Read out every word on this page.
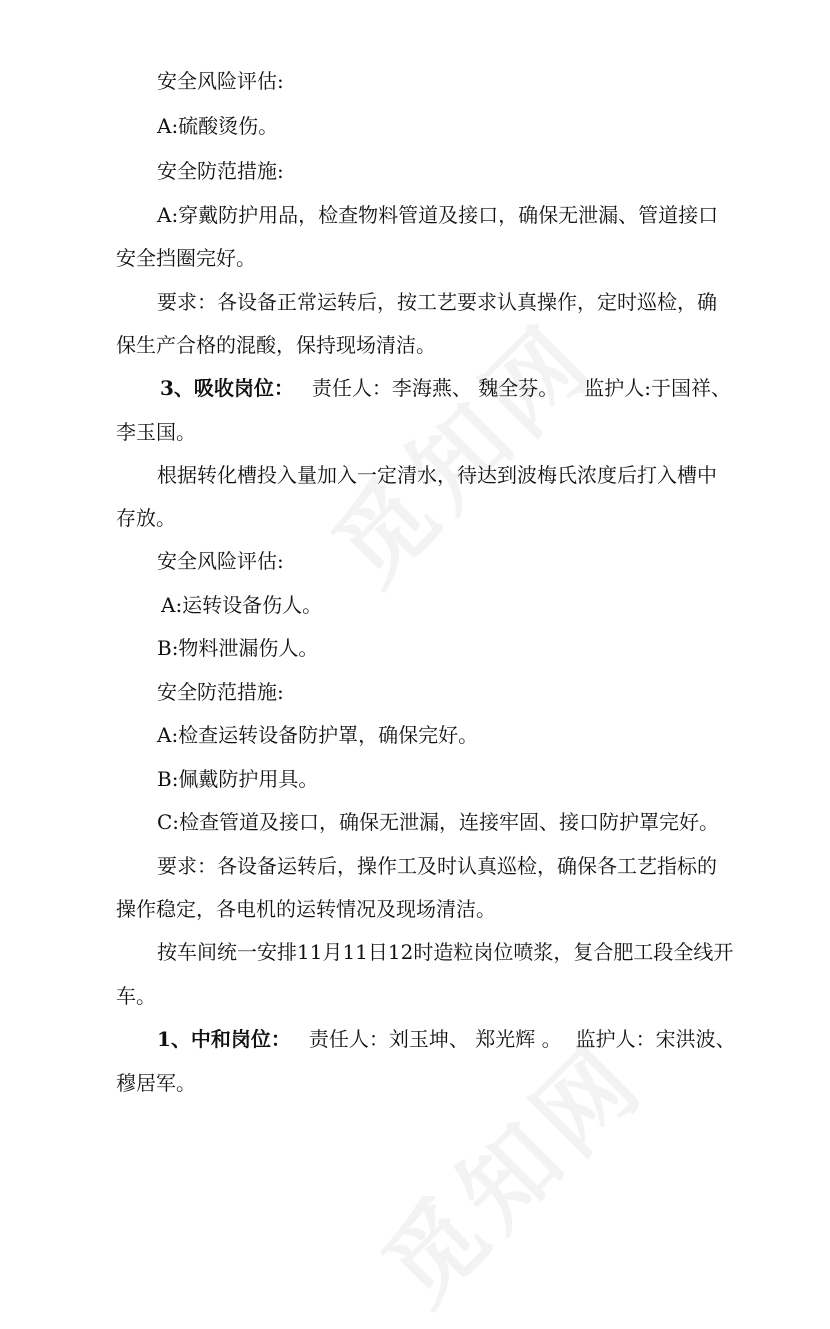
安全风险评估:
A:硫酸烫伤。
安全防范措施:
A:穿戴防护用品，检查物料管道及接口，确保无泄漏、管道接口
安全挡圈完好。
要求：各设备正常运转后，按工艺要求认真操作，定时巡检，确
保生产合格的混酸，保持现场清洁。
3、吸收岗位： 责任人：李海燕、 魏全芬。 监护人:于国祥、
李玉国。
根据转化槽投入量加入一定清水，待达到波梅氏浓度后打入槽中
存放。
安全风险评估:
A:运转设备伤人。
B:物料泄漏伤人。
安全防范措施:
A:检查运转设备防护罩，确保完好。
B:佩戴防护用具。
C:检查管道及接口，确保无泄漏，连接牢固、接口防护罩完好。
要求：各设备运转后，操作工及时认真巡检，确保各工艺指标的
操作稳定，各电机的运转情况及现场清洁。
按车间统一安排11月11日12时造粒岗位喷浆，复合肥工段全线开
车。
1、中和岗位： 责任人：刘玉坤、 郑光辉 。 监护人：宋洪波、
穆居军。
